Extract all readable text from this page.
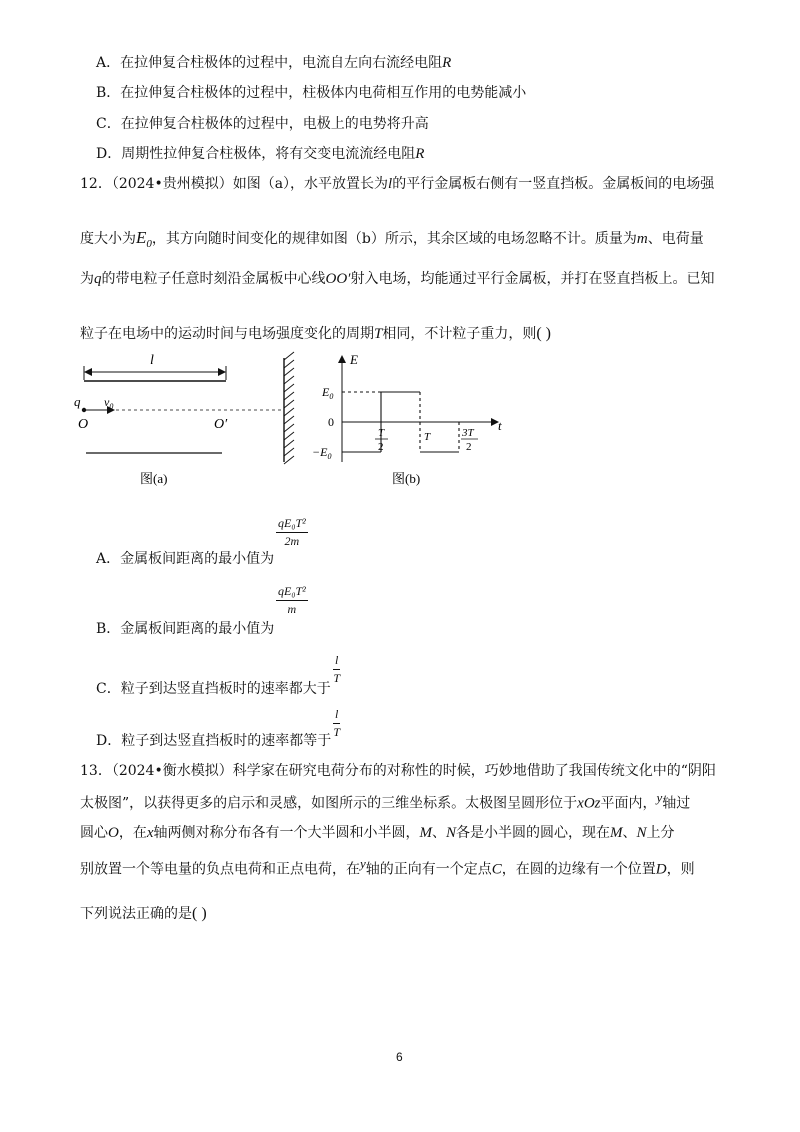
A．在拉伸复合柱极体的过程中，电流自左向右流经电阻R
B．在拉伸复合柱极体的过程中，柱极体内电荷相互作用的电势能减小
C．在拉伸复合柱极体的过程中，电极上的电势将升高
D．周期性拉伸复合柱极体，将有交变电流流经电阻R
12．（2024•贵州模拟）如图（a），水平放置长为l的平行金属板右侧有一竖直挡板。金属板间的电场强
度大小为$E_0$，其方向随时间变化的规律如图（b）所示，其余区域的电场忽略不计。质量为m、电荷量
为q的带电粒子任意时刻沿金属板中心线OO′射入电场，均能通过平行金属板，并打在竖直挡板上。已知
粒子在电场中的运动时间与电场强度变化的周期T相同，不计粒子重力，则( )
l
q $v_0$
O	O′
图(a)
E
t
$E_0$
0
$-E_0$
T
2
T	3T
2
图(b)
qE₀T²
2m
A．金属板间距离的最小值为
qE₀T²
m
B．金属板间距离的最小值为
l
T
C．粒子到达竖直挡板时的速率都大于
l
T
D．粒子到达竖直挡板时的速率都等于
13．（2024•衡水模拟）科学家在研究电荷分布的对称性的时候，巧妙地借助了我国传统文化中的“阴阳
太极图”，以获得更多的启示和灵感，如图所示的三维坐标系。太极图呈圆形位于xOz平面内，$^y$轴过
圆心O，在x轴两侧对称分布各有一个大半圆和小半圆，M、N各是小半圆的圆心，现在M、N上分
别放置一个等电量的负点电荷和正点电荷，在$^y$轴的正向有一个定点C，在圆的边缘有一个位置D，则
下列说法正确的是( )
6
